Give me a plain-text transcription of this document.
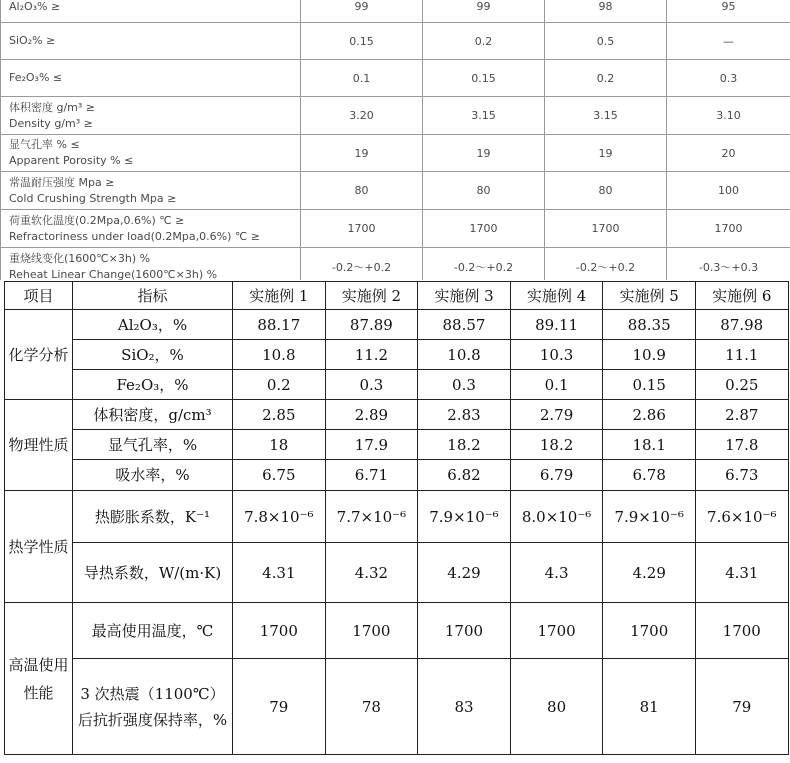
Al₂O₃% ≥	99	99	98	95
SiO₂% ≥	0.15	0.2	0.5	—
Fe₂O₃% ≤	0.1	0.15	0.2	0.3

体积密度 g/m³ ≥
Density g/m³ ≥	3.20	3.15	3.15	3.10

显气孔率 % ≤
Apparent Porosity % ≤	19	19	19	20

常温耐压强度 Mpa ≥
Cold Crushing Strength Mpa ≥	80	80	80	100

荷重软化温度(0.2Mpa,0.6%) ℃ ≥
Refractoriness under load(0.2Mpa,0.6%) ℃ ≥	1700	1700	1700	1700

重烧线变化(1600℃×3h) %
Reheat Linear Change(1600℃×3h) %	-0.2～+0.2	-0.2～+0.2	-0.2～+0.2	-0.3～+0.3
项目	指标	实施例 1	实施例 2	实施例 3	实施例 4	实施例 5	实施例 6
化学分析	Al₂O₃，%	88.17	87.89	88.57	89.11	88.35	87.98
	SiO₂，%	10.8	11.2	10.8	10.3	10.9	11.1
	Fe₂O₃，%	0.2	0.3	0.3	0.1	0.15	0.25
物理性质	体积密度，g/cm³	2.85	2.89	2.83	2.79	2.86	2.87
	显气孔率，%	18	17.9	18.2	18.2	18.1	17.8
	吸水率，%	6.75	6.71	6.82	6.79	6.78	6.73
热学性质	热膨胀系数，K⁻¹	7.8×10⁻⁶	7.7×10⁻⁶	7.9×10⁻⁶	8.0×10⁻⁶	7.9×10⁻⁶	7.6×10⁻⁶
	导热系数，W/(m·K)	4.31	4.32	4.29	4.3	4.29	4.31
高温使用性能	最高使用温度，℃	1700	1700	1700	1700	1700	1700
	3 次热震（1100℃）后抗折强度保持率，%	79	78	83	80	81	79
